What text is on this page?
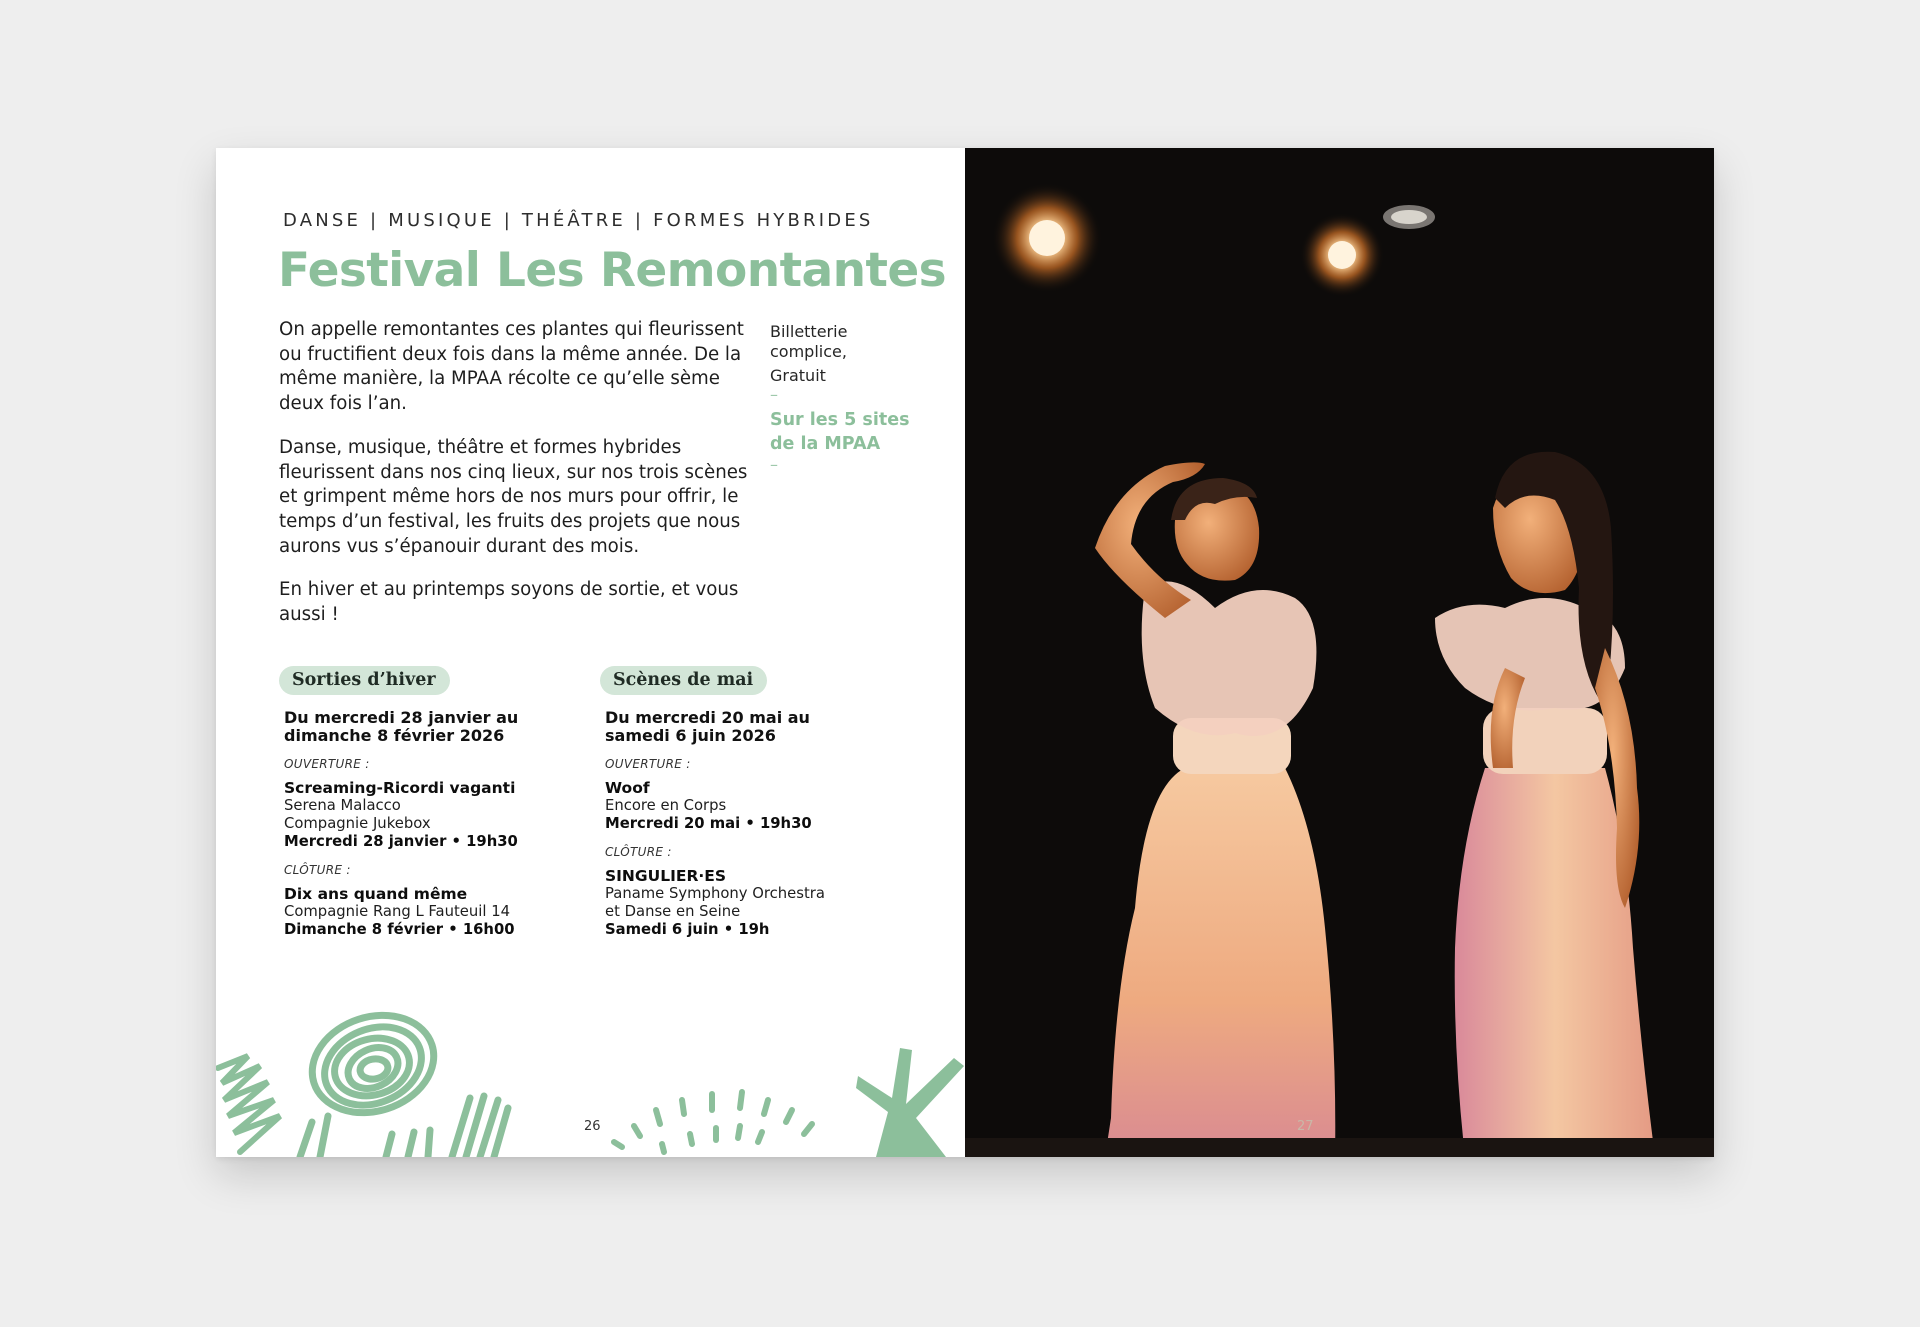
DANSE | MUSIQUE | THÉÂTRE | FORMES HYBRIDES
Festival Les Remontantes

On appelle remontantes ces plantes qui fleurissent ou fructifient deux fois dans la même année. De la même manière, la MPAA récolte ce qu’elle sème deux fois l’an.

Danse, musique, théâtre et formes hybrides fleurissent dans nos cinq lieux, sur nos trois scènes et grimpent même hors de nos murs pour offrir, le temps d’un festival, les fruits des projets que nous aurons vus s’épanouir durant des mois.

En hiver et au printemps soyons de sortie, et vous aussi !

Billetterie complice,

Gratuit

–

Sur les 5 sites de la MPAA

–

Sorties d’hiver
Du mercredi 28 janvier au
dimanche 8 février 2026
OUVERTURE :
Screaming-Ricordi vaganti
Serena Malacco
Compagnie Jukebox
Mercredi 28 janvier • 19h30
CLÔTURE :
Dix ans quand même
Compagnie Rang L Fauteuil 14
Dimanche 8 février • 16h00
Scènes de mai
Du mercredi 20 mai au
samedi 6 juin 2026
OUVERTURE :
Woof
Encore en Corps
Mercredi 20 mai • 19h30
CLÔTURE :
SINGULIER·ES
Paname Symphony Orchestra
et Danse en Seine
Samedi 6 juin • 19h
26	27
